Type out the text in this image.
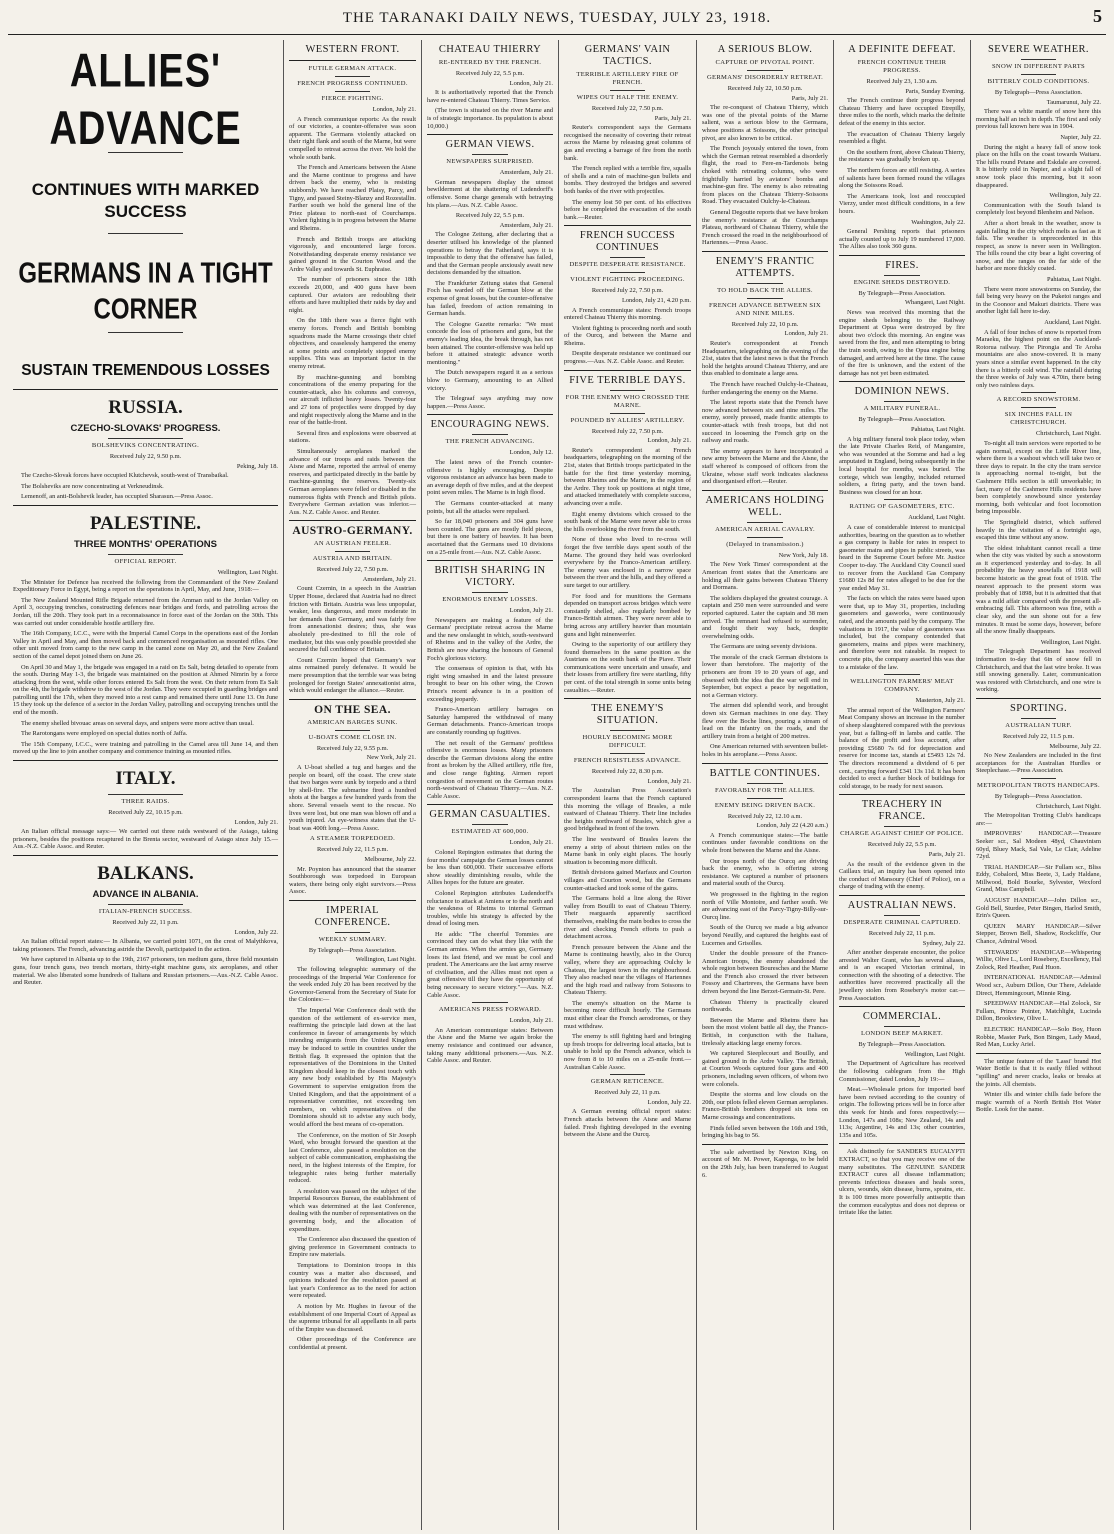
THE TARANAKI DAILY NEWS, TUESDAY, JULY 23, 1918.	5
ALLIES' ADVANCE
CONTINUES WITH MARKED SUCCESS
GERMANS IN A TIGHT CORNER
SUSTAIN TREMENDOUS LOSSES
RUSSIA.
CZECHO-SLOVAKS' PROGRESS.
BOLSHEVIKS CONCENTRATING.
Received July 22, 9.50 p.m.
Peking, July 18.

The Czecho-Slovak forces have occupied Klutchevsk, south-west of Transbaikal.

The Bolsheviks are now concentrating at Verkneudinsk.

Lemenoff, an anti-Bolshevik leader, has occupied Sharasun.—Press Assoc.

PALESTINE.
THREE MONTHS' OPERATIONS
OFFICIAL REPORT.
Wellington, Last Night.

The Minister for Defence has received the following from the Commandant of the New Zealand Expeditionary Force in Egypt, being a report on the operations in April, May, and June, 1918:—

The New Zealand Mounted Rifle Brigade returned from the Amman raid to the Jordan Valley on April 3, occupying trenches, constructing defences near bridges and fords, and patrolling across the Jordan, till the 20th. They took part in a reconnaissance in force east of the Jordan on the 30th. This was carried out under considerable hostile artillery fire.

The 16th Company, I.C.C., were with the Imperial Camel Corps in the operations east of the Jordan Valley in April and May, and then moved back and commenced reorganisation as mounted rifles. One other unit moved from camp to the new camp in the camel zone on May 20, and the New Zealand section of the camel depot joined them on June 26.

On April 30 and May 1, the brigade was engaged in a raid on Es Salt, being detailed to operate from the south. During May 1-3, the brigade was maintained on the position at Ahmed Nimrin by a force attacking from the west, while other forces entered Es Salt from the west. On their return from Es Salt on the 4th, the brigade withdrew to the west of the Jordan. They were occupied in guarding bridges and patrolling until the 17th, when they moved into a rest camp and remained there until June 13. On June 15 they took up the defence of a sector in the Jordan Valley, patrolling and occupying trenches until the end of the month.

The enemy shelled bivouac areas on several days, and snipers were more active than usual.

The Rarotongans were employed on special duties north of Jaffa.

The 15th Company, I.C.C., were training and patrolling in the Camel area till June 14, and then moved up the line to join another company and commence training as mounted rifles.

ITALY.
THREE RAIDS.
Received July 22, 10.15 p.m.
London, July 21.

An Italian official message says:— We carried out three raids westward of the Asiago, taking prisoners, besides the positions recaptured in the Brenta sector, westward of Asiago since July 15.—Aus.-N.Z. Cable Assoc. and Reuter.

BALKANS.
ADVANCE IN ALBANIA.
ITALIAN-FRENCH SUCCESS.
Received July 22, 11 p.m.
London, July 22.

An Italian official report states:— In Albania, we carried point 1071, on the crest of Malythkova, taking prisoners. The French, advancing astride the Devoli, participated in the action.

We have captured in Albania up to the 19th, 2167 prisoners, ten medium guns, three field mountain guns, four trench guns, two trench mortars, thirty-eight machine guns, six aeroplanes, and other material. We also liberated some hundreds of Italians and Russian prisoners.—Aus.-N.Z. Cable Assoc. and Reuter.

WESTERN FRONT.
FUTILE GERMAN ATTACK.
FRENCH PROGRESS CONTINUED.
FIERCE FIGHTING.
London, July 21.

A French communique reports: As the result of our victories, a counter-offensive was soon apparent. The Germans violently attacked on their right flank and south of the Marne, but were compelled to retreat across the river. We hold the whole south bank.

The French and Americans between the Aisne and the Marne continue to progress and have driven back the enemy, who is resisting stubbornly. We have reached Plaisy, Parcy, and Tigny, and passed Steiny-Blanzy and Rozestallin. Farther south we hold the general line of the Priez plateau to north-east of Courchamps. Violent fighting is in progress between the Marne and Rheims.

French and British troops are attacking vigorously, and encountered large forces. Notwithstanding desperate enemy resistance we gained ground in the Courton Wood and the Ardre Valley and towards St. Euphraise.

The number of prisoners since the 18th exceeds 20,000, and 400 guns have been captured. Our aviators are redoubling their efforts and have multiplied their raids by day and night.

On the 18th there was a fierce fight with enemy forces. French and British bombing squadrons made the Marne crossings their chief objectives, and ceaselessly hampered the enemy at some points and completely stopped enemy supplies. This was an important factor in the enemy retreat.

By machine-gunning and bombing concentrations of the enemy preparing for the counter-attack, also his columns and convoys, our aircraft inflicted heavy losses. Twenty-four and 27 tons of projectiles were dropped by day and night respectively along the Marne and in the rear of the battle-front.

Several fires and explosions were observed at stations.

Simultaneously aeroplanes marked the advance of our troops and raids between the Aisne and Marne, reported the arrival of enemy reserves, and participated directly in the battle by machine-gunning the reserves. Twenty-six German aeroplanes were felled or disabled in the numerous fights with French and British pilots. Everywhere German aviation was inferior.—Aus. N.Z. Cable Assoc. and Reuter.

AUSTRO-GERMANY.
AN AUSTRIAN FEELER.
AUSTRIA AND BRITAIN.
Received July 22, 7.50 p.m.
Amsterdam, July 21.

Count Czernin, in a speech in the Austrian Upper House, declared that Austria had no direct friction with Britain. Austria was less unpopular, weaker, less dangerous, and more moderate in her demands than Germany, and was fairly free from annexationist desires; thus, she was absolutely pre-destined to fill the role of mediator, but this was only possible provided she secured the full confidence of Britain.

Count Czernin hoped that Germany's war aims remained purely defensive. It would be mere presumption that the terrible war was being prolonged for foreign States' annexationist aims, which would endanger the alliance.—Reuter.

ON THE SEA.
AMERICAN BARGES SUNK.
U-BOATS COME CLOSE IN.
Received July 22, 9.55 p.m.
New York, July 21.

A U-boat shelled a tug and barges and the people on board, off the coast. The crew state that two barges were sunk by torpedo and a third by shell-fire. The submarine fired a hundred shots at the barges a few hundred yards from the shore. Several vessels went to the rescue. No lives were lost, but one man was blown off and a youth injured. An eye-witness states that the U-boat was 400ft long.—Press Assoc.

A STEAMER TORPEDOED.
Received July 22, 11.5 p.m.
Melbourne, July 22.

Mr. Poynton has announced that the steamer Southborough was torpedoed in European waters, there being only eight survivors.—Press Assoc.

IMPERIAL CONFERENCE.
WEEKLY SUMMARY.
By Telegraph—Press Association.
Wellington, Last Night.

The following telegraphic summary of the proceedings of the Imperial War Conference for the week ended July 20 has been received by the Governor-General from the Secretary of State for the Colonies:—

The Imperial War Conference dealt with the question of the settlement of ex-service men, reaffirming the principle laid down at the last conference in favour of arrangements by which intending emigrants from the United Kingdom may be induced to settle in countries under the British flag. It expressed the opinion that the representatives of the Dominions in the United Kingdom should keep in the closest touch with any new body established by His Majesty's Government to supervise emigration from the United Kingdom, and that the appointment of a representative committee, not exceeding ten members, on which representatives of the Dominions should sit to advise any such body, would afford the best means of co-operation.

The Conference, on the motion of Sir Joseph Ward, who brought forward the question at the last Conference, also passed a resolution on the subject of cable communication, emphasising the need, in the highest interests of the Empire, for telegraphic rates being further materially reduced.

A resolution was passed on the subject of the Imperial Resources Bureau, the establishment of which was determined at the last Conference, dealing with the number of representatives on the governing body, and the allocation of expenditure.

The Conference also discussed the question of giving preference in Government contracts to Empire raw materials.

Temptations to Dominion troops in this country was a matter also discussed, and opinions indicated for the resolution passed at last year's Conference as to the need for action were repeated.

A motion by Mr. Hughes in favour of the establishment of one Imperial Court of Appeal as the supreme tribunal for all appellants in all parts of the Empire was discussed.

Other proceedings of the Conference are confidential at present.

CHATEAU THIERRY
RE-ENTERED BY THE FRENCH.
Received July 22, 5.5 p.m.
London, July 21.

It is authoritatively reported that the French have re-entered Chateau Thierry. Times Service.

(The town is situated on the river Marne and is of strategic importance. Its population is about 10,000.)

GERMAN VIEWS.
NEWSPAPERS SURPRISED.
Amsterdam, July 21.

German newspapers display the utmost bewilderment at the shattering of Ludendorff's offensive. Some charge generals with betraying his plans.—Aus. N.Z. Cable Assoc.

Received July 22, 5.5 p.m.
Amsterdam, July 21.

The Cologne Zeitung, after declaring that a deserter utilised his knowledge of the planned operations to betray the Fatherland, says it is impossible to deny that the offensive has failed, and that the German people anxiously await new decisions demanded by the situation.

The Frankfurter Zeitung states that General Foch has warded off the German blow at the expense of great losses, but the counter-offensive has failed, freedom of action remaining in German hands.

The Cologne Gazette remarks: "We must concede the loss of prisoners and guns, but the enemy's leading idea, the break through, has not been attained. The counter-offensive was held up before it attained strategic advance worth mentioning."

The Dutch newspapers regard it as a serious blow to Germany, amounting to an Allied victory.

The Telegraaf says anything may now happen.—Press Assoc.

ENCOURAGING NEWS.
THE FRENCH ADVANCING.
London, July 12.

The latest news of the French counter-offensive is highly encouraging. Despite vigorous resistance an advance has been made to an average depth of five miles, and at the deepest point seven miles. The Marne is in high flood.

The Germans counter-attacked at many points, but all the attacks were repulsed.

So far 18,040 prisoners and 304 guns have been counted. The guns are mostly field pieces, but there is one battery of heavies. It has been ascertained that the Germans used 10 divisions on a 25-mile front.—Aus. N.Z. Cable Assoc.

BRITISH SHARING IN VICTORY.
ENORMOUS ENEMY LOSSES.
London, July 21.

Newspapers are making a feature of the Germans' precipitate retreat across the Marne and the new onslaught in which, south-westward of Rheims and in the valley of the Ardre, the British are now sharing the honours of General Foch's glorious victory.

The consensus of opinion is that, with his right wing smashed in and the latest pressure brought to bear on his other wing, the Crown Prince's recent advance is in a position of exceeding jeopardy.

Franco-American artillery barrages on Saturday hampered the withdrawal of many German detachments. Franco-American troops are constantly rounding up fugitives.

The net result of the Germans' profitless offensive is enormous losses. Many prisoners describe the German divisions along the entire front as broken by the Allied artillery, rifle fire, and close range fighting. Airmen report congestion of movement on the German routes north-westward of Chateau Thierry.—Aus. N.Z. Cable Assoc.

GERMAN CASUALTIES.
ESTIMATED AT 600,000.
London, July 21.

Colonel Repington estimates that during the four months' campaign the German losses cannot be less than 600,000. Their successive efforts show steadily diminishing results, while the Allies hopes for the future are greater.

Colonel Repington attributes Ludendorff's reluctance to attack at Amiens or to the north and the weakness of Rheims to internal German troubles, while his strategy is affected by the dread of losing men.

He adds: "The cheerful Tommies are convinced they can do what they like with the German armies. When the armies go, Germany loses its last friend, and we must be cool and prudent. The Americans are the last army reserve of civilisation, and the Allies must not open a great offensive till they have the opportunity of being necessary to secure victory."—Aus. N.Z. Cable Assoc.

AMERICANS PRESS FORWARD.
London, July 21.

An American communique states: Between the Aisne and the Marne we again broke the enemy resistance and continued our advance, taking many additional prisoners.—Aus. N.Z. Cable Assoc. and Reuter.

GERMANS' VAIN TACTICS.
TERRIBLE ARTILLERY FIRE OF FRENCH.
WIPES OUT HALF THE ENEMY.
Received July 22, 7.50 p.m.
Paris, July 21.

Reuter's correspondent says the Germans recognised the necessity of covering their retreat across the Marne by releasing great columns of gas and erecting a barrage of fire from the north bank.

The French replied with a terrible fire, squalls of shells and a rain of machine-gun bullets and bombs. They destroyed the bridges and severed both banks of the river with projectiles.

The enemy lost 50 per cent. of his effectives before he completed the evacuation of the south bank.—Reuter.

FRENCH SUCCESS CONTINUES
DESPITE DESPERATE RESISTANCE.
VIOLENT FIGHTING PROCEEDING.
Received July 22, 7.50 p.m.
London, July 21, 4.20 p.m.

A French communique states: French troops entered Chateau Thierry this morning.

Violent fighting is proceeding north and south of the Ourcq, and between the Marne and Rheims.

Despite desperate resistance we continued our progress.—Aus. N.Z. Cable Assoc. and Reuter.

FIVE TERRIBLE DAYS.
FOR THE ENEMY WHO CROSSED THE MARNE.
POUNDED BY ALLIES' ARTILLERY.
Received July 22, 7.50 p.m.
London, July 21.

Reuter's correspondent at French headquarters, telegraphing on the morning of the 21st, states that British troops participated in the battle for the first time yesterday morning, between Rheims and the Marne, in the region of the Ardre. They took up positions at night time, and attacked immediately with complete success, advancing over a mile.

Eight enemy divisions which crossed to the south bank of the Marne were never able to cross the hills overlooking the river from the south.

None of those who lived to re-cross will forget the five terrible days spent south of the Marne. The ground they held was overlooked everywhere by the Franco-American artillery. The enemy was enclosed in a narrow space between the river and the hills, and they offered a sure target to our artillery.

For food and for munitions the Germans depended on transport across bridges which were constantly shelled, also regularly bombed by Franco-British airmen. They were never able to bring across any artillery heavier than mountain guns and light minenwerfer.

Owing to the superiority of our artillery they found themselves in the same position as the Austrians on the south bank of the Piave. Their communications were uncertain and unsafe, and their losses from artillery fire were startling, fifty per cent. of the total strength in some units being casualties.—Reuter.

THE ENEMY'S SITUATION.
HOURLY BECOMING MORE DIFFICULT.
FRENCH RESISTLESS ADVANCE.
Received July 22, 8.30 p.m.
London, July 21.

The Australian Press Association's correspondent learns that the French captured this morning the village of Brasles, a mile eastward of Chateau Thierry. Their line includes the heights northward of Brasles, which give a good bridgehead in front of the town.

The line westward of Brasles leaves the enemy a strip of about thirteen miles on the Marne bank in only eight places. The hourly situation is becoming more difficult.

British divisions gained Marfaux and Courton villages and Courton wood, but the Germans counter-attacked and took some of the gains.

The Germans hold a line along the River valley from Bouilli to east of Chateau Thierry. Their rearguards apparently sacrificed themselves, enabling the main bodies to cross the river and checking French efforts to push a detachment across.

French pressure between the Aisne and the Marne is continuing heavily, also in the Ourcq valley, where they are approaching Oulchy le Chateau, the largest town in the neighbourhood. They also reached near the villages of Hartennes and the high road and railway from Soissons to Chateau Thierry.

The enemy's situation on the Marne is becoming more difficult hourly. The Germans must either clear the French aerodromes, or they must withdraw.

The enemy is still fighting hard and bringing up fresh troops for delivering local attacks, but is unable to hold up the French advance, which is now from 8 to 10 miles on a 25-mile front.—Australian Cable Assoc.

GERMAN RETICENCE.
Received July 22, 11 p.m.
London, July 22.

A German evening official report states: French attacks between the Aisne and Marne failed. Fresh fighting developed in the evening between the Aisne and the Ourcq.

A SERIOUS BLOW.
CAPTURE OF PIVOTAL POINT.
GERMANS' DISORDERLY RETREAT.
Received July 22, 10.50 p.m.
Paris, July 21.

The re-conquest of Chateau Thierry, which was one of the pivotal points of the Marne salient, was a serious blow to the Germans, whose positions at Soissons, the other principal pivot, are also known to be critical.

The French joyously entered the town, from which the German retreat resembled a disorderly flight, the road to Fere-en-Tardenois being choked with retreating columns, who were frightfully harried by aviators' bombs and machine-gun fire. The enemy is also retreating from places on the Chateau Thierry-Soissons Road. They evacuated Oulchy-le-Chateau.

General Degoutte reports that we have broken the enemy's resistance at the Courchamps Plateau, northward of Chateau Thierry, while the French crossed the road in the neighbourhood of Hartennes.—Press Assoc.

ENEMY'S FRANTIC ATTEMPTS.
TO HOLD BACK THE ALLIES.
FRENCH ADVANCE BETWEEN SIX AND NINE MILES.
Received July 22, 10 p.m.
London, July 21.

Reuter's correspondent at French Headquarters, telegraphing on the evening of the 21st, states that the latest news is that the French hold the heights around Chateau Thierry, and are thus enabled to dominate a large area.

The French have reached Oulchy-le-Chateau, further endangering the enemy on the Marne.

The latest reports state that the French have now advanced between six and nine miles. The enemy, sorely pressed, made frantic attempts to counter-attack with fresh troops, but did not succeed in loosening the French grip on the railway and roads.

The enemy appears to have incorporated a new army between the Marne and the Aisne, the staff whereof is composed of officers from the Ukraine, whose staff work indicates slackness and disorganised effort.—Reuter.

AMERICANS HOLDING WELL.
AMERICAN AERIAL CAVALRY.
(Delayed in transmission.)
New York, July 18.

The New York Times' correspondent at the American front states that the Americans are holding all their gains between Chateau Thierry and Dormans.

The soldiers displayed the greatest courage. A captain and 250 men were surrounded and were reported captured. Later the captain and 38 men arrived. The remnant had refused to surrender, and fought their way back, despite overwhelming odds.

The Germans are using seventy divisions.

The morale of the crack German divisions is lower than heretofore. The majority of the prisoners are from 19 to 20 years of age, and obsessed with the idea that the war will end in September, but expect a peace by negotiation, not a German victory.

The airmen did splendid work, and brought down six German machines in one day. They flew over the Boche lines, pouring a stream of lead on the infantry on the roads, and the artillery train from a height of 200 metres.

One American returned with seventeen bullet-holes in his aeroplane.—Press Assoc.

BATTLE CONTINUES.
FAVORABLY FOR THE ALLIES.
ENEMY BEING DRIVEN BACK.
Received July 22, 12.10 a.m.
London, July 22 (4.20 a.m.)

A French communique states:—The battle continues under favorable conditions on the whole front between the Marne and the Aisne.

Our troops north of the Ourcq are driving back the enemy, who is offering strong resistance. We captured a number of prisoners and material south of the Ourcq.

We progressed in the fighting in the region north of Ville Montoire, and farther south. We are advancing east of the Parcy-Tigny-Billy-sur-Ourcq line.

South of the Ourcq we made a big advance beyond Neuilly, and captured the heights east of Lucernes and Grisolles.

Under the double pressure of the Franco-American troops, the enemy abandoned the whole region between Bouresches and the Marne and the French also crossed the river between Fossoy and Chartreves, the Germans have been driven beyond the line Berzet-Germain-St. Pere.

Chateau Thierry is practically cleared northwards.

Between the Marne and Rheims there has been the most violent battle all day, the Franco-British, in conjunction with the Italians, tirelessly attacking large enemy forces.

We captured Sieeplecourt and Bouilly, and gained ground in the Ardre Valley. The British, at Courton Woods captured four guns and 400 prisoners, including seven officers, of whom two were colonels.

Despite the storms and low clouds on the 20th, our pilots felled eleven German aeroplanes. Franco-British bombers dropped six tons on Marne crossings and concentrations.

Finds felled seven between the 16th and 19th, bringing his bag to 56.

The sale advertised by Newton King, on account of Mr. M. Power, Kaponga, to be held on the 29th July, has been transferred to August 6.

A DEFINITE DEFEAT.
FRENCH CONTINUE THEIR PROGRESS.
Received July 23, 1.30 a.m.
Paris, Sunday Evening.

The French continue their progress beyond Chateau Thierry and have occupied Etrepilly, three miles to the north, which marks the definite defeat of the enemy in this sector.

The evacuation of Chateau Thierry largely resembled a flight.

On the southern front, above Chateau Thierry, the resistance was gradually broken up.

The northern forces are still resisting. A series of salients have been formed round the villages along the Soissons Road.

The Americans took, lost and reoccupied Vierzy, under most difficult conditions, in a few hours.

Washington, July 22.

General Pershing reports that prisoners actually counted up to July 19 numbered 17,000. The Allies also took 360 guns.

FIRES.
ENGINE SHEDS DESTROYED.
By Telegraph—Press Association.
Whangarei, Last Night.

News was received this morning that the engine sheds belonging to the Railway Department at Opua were destroyed by fire about two o'clock this morning. An engine was saved from the fire, and men attempting to bring the train south, owing to the Opua engine being damaged, and arrived here at the time. The cause of the fire is unknown, and the extent of the damage has not yet been estimated.

DOMINION NEWS.
A MILITARY FUNERAL.
By Telegraph—Press Association.
Pahiatua, Last Night.

A big military funeral took place today, when the late Private Charles Reid, of Mangamire, who was wounded at the Somme and had a leg amputated in England, being subsequently in the local hospital for months, was buried. The cortege, which was lengthy, included returned soldiers, a firing party, and the town band. Business was closed for an hour.

RATING OF GASOMETERS, ETC.
Auckland, Last Night.

A case of considerable interest to municipal authorities, bearing on the question as to whether a gas company is liable for rates in respect to gasometer mains and pipes in public streets, was heard in the Supreme Court before Mr. Justice Cooper to-day. The Auckland City Council sued to recover from the Auckland Gas Company £1680 12s 8d for rates alleged to be due for the year ended May 31.

The facts on which the rates were based upon were that, up to May 31, properties, including gasometers and gasworks, were continuously rated, and the amounts paid by the company. The valuations in 1917, the value of gasometers was included, but the company contended that gasometers, mains and pipes were machinery, and therefore were not rateable. In respect to concrete pits, the company asserted this was due to a mistake of the law.

WELLINGTON FARMERS' MEAT COMPANY.
Masterton, July 21.

The annual report of the Wellington Farmers' Meat Company shows an increase in the number of sheep slaughtered compared with the previous year, but a falling-off in lambs and cattle. The balance of the profit and loss account, after providing £5680 7s 6d for depreciation and reserve for income tax, stands at £5493 12s 7d. The directors recommend a dividend of 6 per cent., carrying forward £341 13s 11d. It has been decided to erect a further block of buildings for cold storage, to be ready for next season.

TREACHERY IN FRANCE.
CHARGE AGAINST CHIEF OF POLICE.
Received July 22, 5.5 p.m.
Paris, July 21.

As the result of the evidence given in the Caillaux trial, an inquiry has been opened into the conduct of Mansoury (Chief of Police), on a charge of trading with the enemy.

AUSTRALIAN NEWS.
DESPERATE CRIMINAL CAPTURED.
Received July 22, 11 p.m.
Sydney, July 22.

After another desperate encounter, the police arrested Walter Grant, who has several aliases, and is an escaped Victorian criminal, in connection with the shooting of a detective. The authorities have recovered practically all the jewellery stolen from Rosebery's motor car.—Press Association.

COMMERCIAL.
LONDON BEEF MARKET.
By Telegraph—Press Association.
Wellington, Last Night.

The Department of Agriculture has received the following cablegram from the High Commissioner, dated London, July 19:—

Meat.—Wholesale prices for imported beef have been revised according to the country of origin. The following prices will be in force after this week for hinds and fores respectively:—London, 147s and 108s; New Zealand, 14s and 113s; Argentine, 14s and 13s; other countries, 135s and 105s.

Ask distinctly for SANDER'S EUCALYPTI EXTRACT, so that you may receive one of the many substitutes. The GENUINE SANDER EXTRACT cures all disease inflammation; prevents infectious diseases and heals sores, ulcers, wounds, skin disease, burns, sprains, etc. It is 100 times more powerfully antiseptic than the common eucalyptus and does not depress or irritate like the latter.

SEVERE WEATHER.
SNOW IN DIFFERENT PARTS
BITTERLY COLD CONDITIONS.
By Telegraph—Press Association.
Taumarunui, July 22.

There was a white mantle of snow here this morning half an inch in depth. The first and only previous fall known here was in 1904.

Napier, July 22.

During the night a heavy fall of snow took place on the hills on the coast towards Waitaru. The hills round Petane and Eskdale are covered. It is bitterly cold in Napier, and a slight fall of snow took place this morning, but it soon disappeared.

Wellington, July 22.

Communication with the South Island is completely lost beyond Blenheim and Nelson.

After a short break in the weather, snow is again falling in the city which melts as fast as it falls. The weather is unprecedented in this respect, as snow is never seen in Wellington. The hills round the city bear a light covering of snow, and the ranges on the far side of the harbor are more thickly coated.

Pahiatua, Last Night.

There were more snowstorms on Sunday, the fall being very heavy on the Puketoi ranges and in the Coonoor and Makuri districts. There was another light fall here to-day.

Auckland, Last Night.

A fall of four inches of snow is reported from Maraeku, the highest point on the Auckland-Rotorua railway. The Pirongia and Te Aroha mountains are also snow-covered. It is many years since a similar event happened. In the city there is a bitterly cold wind. The rainfall during the three weeks of July was 4.70in, there being only two rainless days.

A RECORD SNOWSTORM.
SIX INCHES FALL IN CHRISTCHURCH.
Christchurch, Last Night.

To-night all train services were reported to be again normal, except on the Little River line, where there is a washout which will take two or three days to repair. In the city the tram service is approaching normal to-night, but the Cashmere Hills section is still unworkable; in fact, many of the Cashmere Hills residents have been completely snowbound since yesterday morning, both vehicular and foot locomotion being impossible.

The Springfield district, which suffered heavily in the visitation of a fortnight ago, escaped this time without any snow.

The oldest inhabitant cannot recall a time when the city was visited by such a snowstorm as it experienced yesterday and to-day. In all probability the heavy snowfalls of 1918 will become historic as the great fout of 1918. The nearest approach to the present storm was probably that of 1898, but it is admitted that that was a mild affair compared with the present all-embracing fall. This afternoon was fine, with a clear sky, and the sun shone out for a few minutes. It must be some days, however, before all the snow finally disappears.

Wellington, Last Night.

The Telegraph Department has received information to-day that 6in of snow fell in Christchurch, and that the last wire broke. It was still snowing generally. Later, communication was restored with Christchurch, and one wire is working.

SPORTING.
AUSTRALIAN TURF.
Received July 22, 11.5 p.m.
Melbourne, July 22.

No New Zealanders are included in the first acceptances for the Australian Hurdles or Steeplechase.—Press Association.

METROPOLITAN TROTS HANDICAPS.
By Telegraph—Press Association.
Christchurch, Last Night.

The Metropolitan Trotting Club's handicaps are:—

IMPROVERS' HANDICAP.—Treasure Seeker scr., Sal Modeen 48yd, Chauvinism 60yd, Bluey Mack, Sal Vale, Le Clair, Adeline 72yd.

TRIAL HANDICAP.—Sir Fullam scr., Bliss Eddy, Cobalord, Miss Beete, 3, Lady Haldane, Millwood, Bold Bourke, Sylvester, Wexford Grand, Miss Campbell.

AUGUST HANDICAP.—John Dillon scr., Gold Bell, Sturdee, Peter Bingen, Harlod Smith, Erin's Queen.

QUEEN MARY HANDICAP.—Silver Stepper, Brown Bell, Shadow, Rockcliffe, Our Chance, Admiral Wood.

STEWARDS' HANDICAP.—Whispering Willie, Olive L., Lord Rosebery, Excellency, Hal Zolock, Red Heather, Paul Huon.

INTERNATIONAL HANDICAP.—Admiral Wood scr., Auburn Dillon, Our There, Adelaide Direct, Hemmingcourt, Minnie Ring.

SPEEDWAY HANDICAP.—Hal Zolock, Sir Fullam, Prince Pointer, Matchlight, Lucinda Dillon, Brookview, Olive L.

ELECTRIC HANDICAP.—Solo Boy, Huon Robbie, Master Park, Bon Bingen, Lady Maud, Red Man, Lucky Ariel.

The unique feature of the 'Lassi' brand Hot Water Bottle is that it is easily filled without "spilling" and never cracks, leaks or breaks at the joints. All chemists.

Winter ills and winter chills fade before the magic warmth of a North British Hot Water Bottle. Look for the name.
